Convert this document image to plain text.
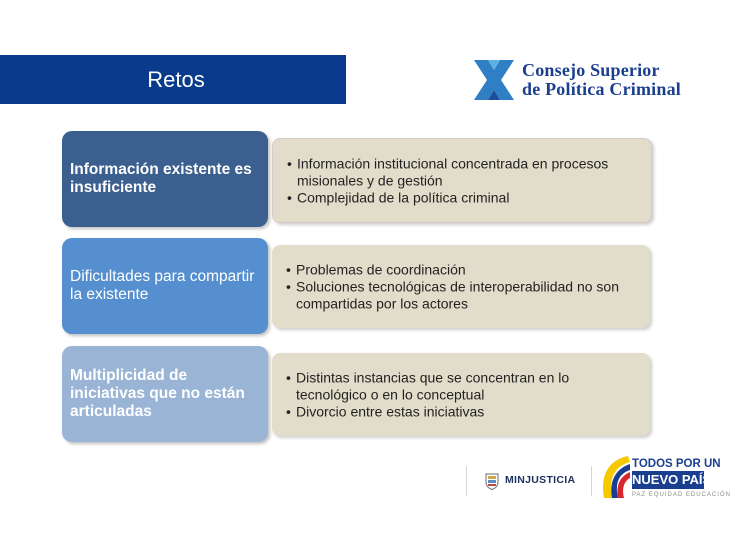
Retos	Consejo Superior
de Política Criminal
Información existente es insuficiente
• Información institucional concentrada en procesos misionales y de gestión
• Complejidad de la política criminal
Dificultades para compartir la existente
• Problemas de coordinación
• Soluciones tecnológicas de interoperabilidad no son compartidas por los actores
Multiplicidad de iniciativas que no están articuladas
• Distintas instancias que se concentran en lo tecnológico o en lo conceptual
• Divorcio entre estas iniciativas
MINJUSTICIA
TODOS POR UN
NUEVO PAÍS
PAZ EQUIDAD EDUCACIÓN
